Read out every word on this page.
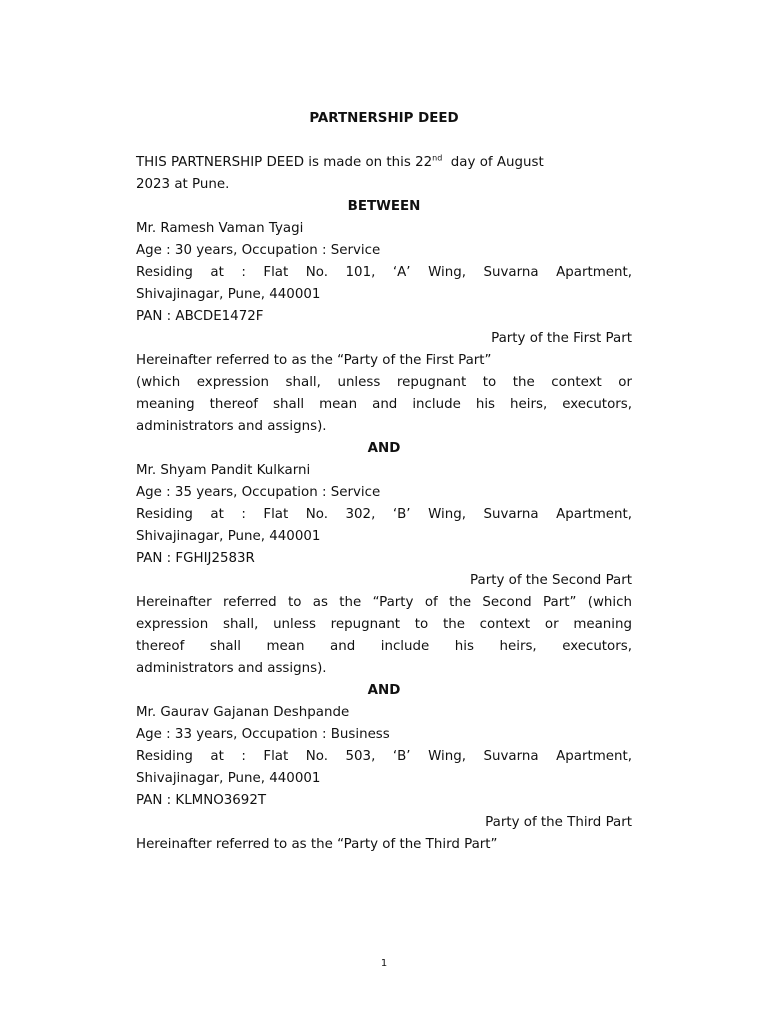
PARTNERSHIP DEED
THIS PARTNERSHIP DEED is made on this 22nd  day of August
2023 at Pune.
BETWEEN
Mr. Ramesh Vaman Tyagi
Age : 30 years, Occupation : Service
Residing at : Flat No. 101, ‘A’ Wing, Suvarna Apartment,
Shivajinagar, Pune, 440001
PAN : ABCDE1472F
Party of the First Part
Hereinafter referred to as the “Party of the First Part”
(which expression shall, unless repugnant to the context or
meaning thereof shall mean and include his heirs, executors,
administrators and assigns).
AND
Mr. Shyam Pandit Kulkarni
Age : 35 years, Occupation : Service
Residing at : Flat No. 302, ‘B’ Wing, Suvarna Apartment,
Shivajinagar, Pune, 440001
PAN : FGHIJ2583R
Party of the Second Part
Hereinafter referred to as the “Party of the Second Part” (which
expression shall, unless repugnant to the context or meaning
thereof shall mean and include his heirs, executors,
administrators and assigns).
AND
Mr. Gaurav Gajanan Deshpande
Age : 33 years, Occupation : Business
Residing at : Flat No. 503, ‘B’ Wing, Suvarna Apartment,
Shivajinagar, Pune, 440001
PAN : KLMNO3692T
Party of the Third Part
Hereinafter referred to as the “Party of the Third Part”
1
